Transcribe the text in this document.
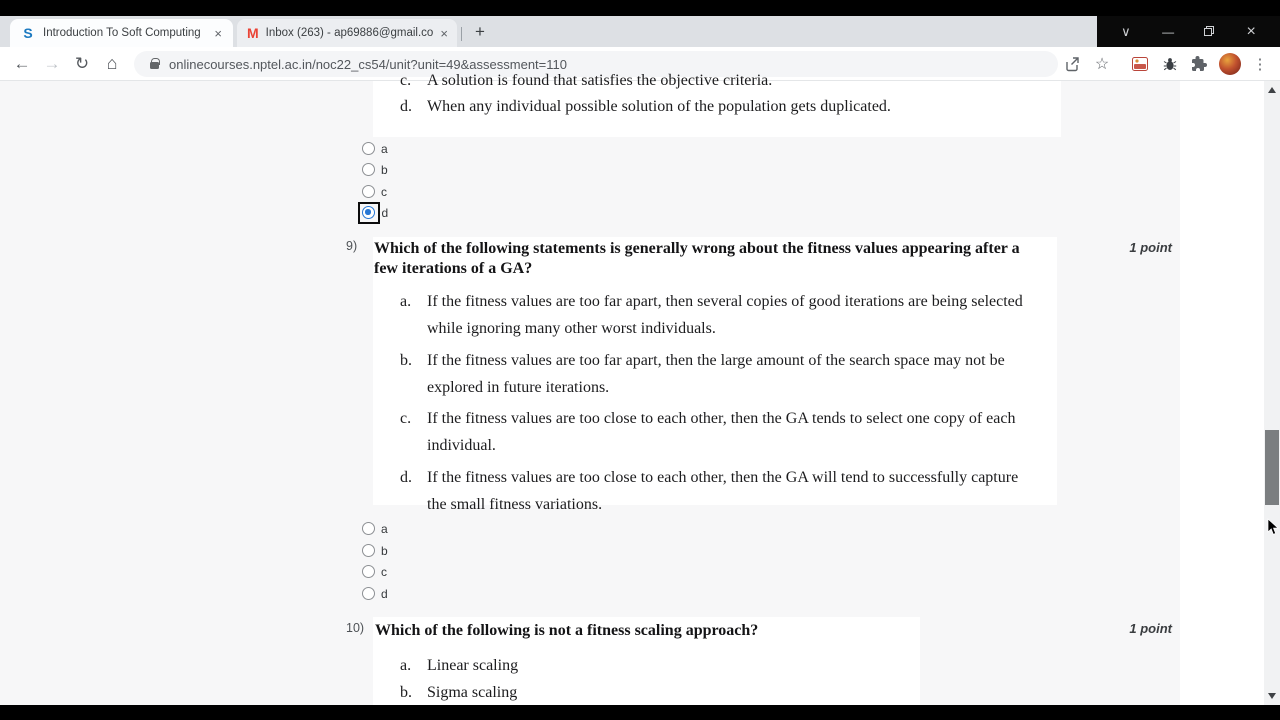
S Introduction To Soft Computing	× M Inbox (263) - ap69886@gmail.co ×	+	∨	—	×
← → ↻ ⌂	onlinecourses.nptel.ac.in/noc22_cs54/unit?unit=49&assessment=110	☆	⋮
c. A solution is found that satisfies the objective criteria.
d. When any individual possible solution of the population gets duplicated.
a
b
c
d
9)	1 point
Which of the following statements is generally wrong about the fitness values appearing after a few iterations of a GA?
a. If the fitness values are too far apart, then several copies of good iterations are being selected while ignoring many other worst individuals.
b. If the fitness values are too far apart, then the large amount of the search space may not be explored in future iterations.
c. If the fitness values are too close to each other, then the GA tends to select one copy of each individual.
d. If the fitness values are too close to each other, then the GA will tend to successfully capture the small fitness variations.
a
b
c
d
10)	1 point
Which of the following is not a fitness scaling approach?
a. Linear scaling
b. Sigma scaling
